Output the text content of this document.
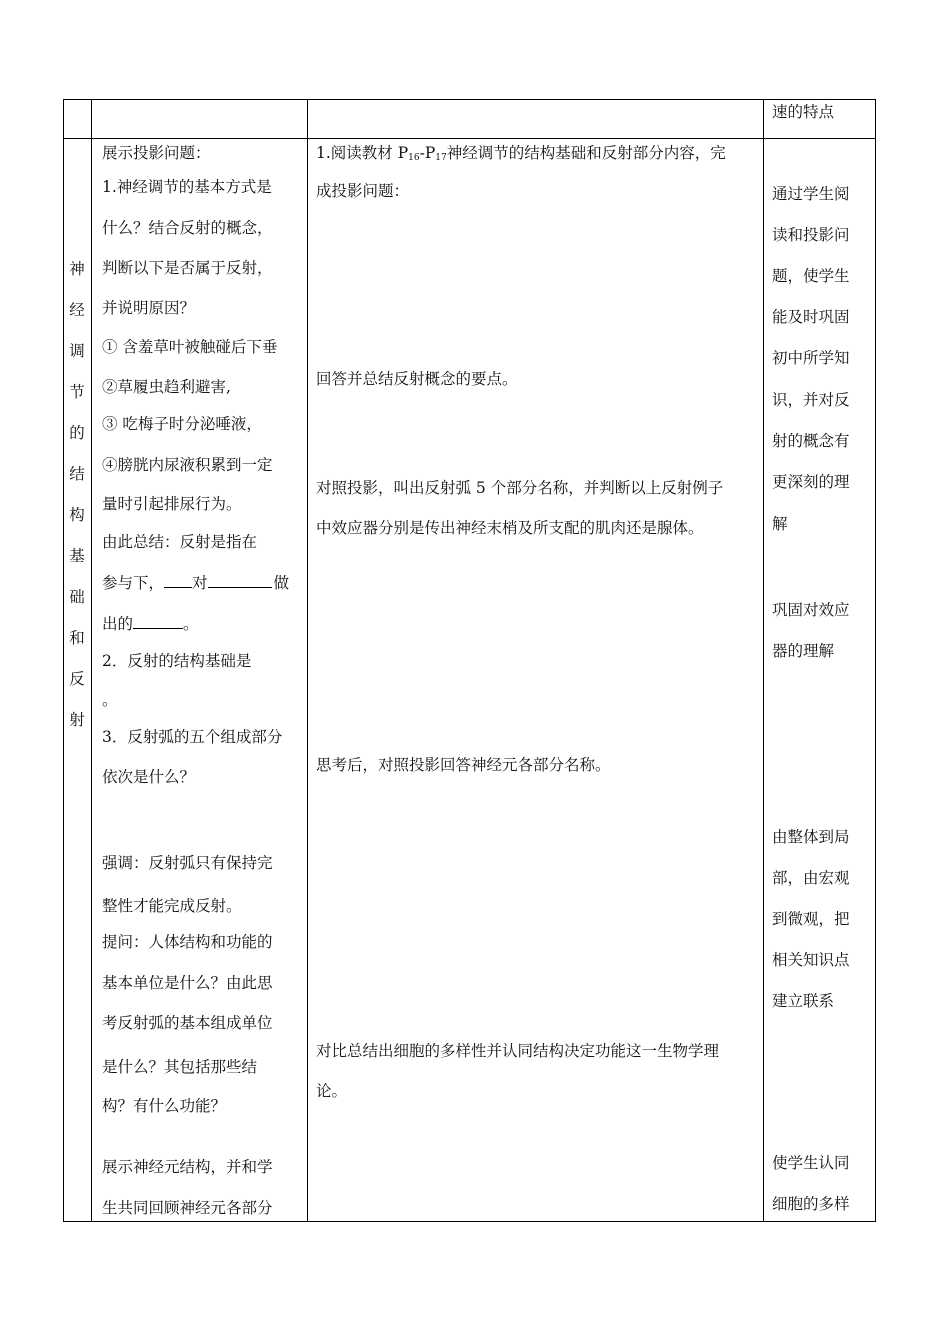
速的特点
神
经
调
节
的
结
构
基
础
和
反
射
展示投影问题：
1.神经调节的基本方式是
什么？结合反射的概念，
判断以下是否属于反射，
并说明原因？
① 含羞草叶被触碰后下垂
②草履虫趋利避害,
③ 吃梅子时分泌唾液，
④膀胱内尿液积累到一定
量时引起排尿行为。
由此总结：反射是指在
参与下， 对	做
出的	。
2．反射的结构基础是
。
3．反射弧的五个组成部分
依次是什么？
强调：反射弧只有保持完
整性才能完成反射。
提问：人体结构和功能的
基本单位是什么？由此思
考反射弧的基本组成单位
是什么？其包括那些结
构？有什么功能？
展示神经元结构，并和学
生共同回顾神经元各部分
1.阅读教材 $P_{16}-P_{17}$神经调节的结构基础和反射部分内容，完
成投影问题：
回答并总结反射概念的要点。
对照投影，叫出反射弧 5 个部分名称，并判断以上反射例子
中效应器分别是传出神经末梢及所支配的肌肉还是腺体。
思考后，对照投影回答神经元各部分名称。
对比总结出细胞的多样性并认同结构决定功能这一生物学理
论。
通过学生阅
读和投影问
题，使学生
能及时巩固
初中所学知
识，并对反
射的概念有
更深刻的理
解
巩固对效应
器的理解
由整体到局
部，由宏观
到微观，把
相关知识点
建立联系
使学生认同
细胞的多样
